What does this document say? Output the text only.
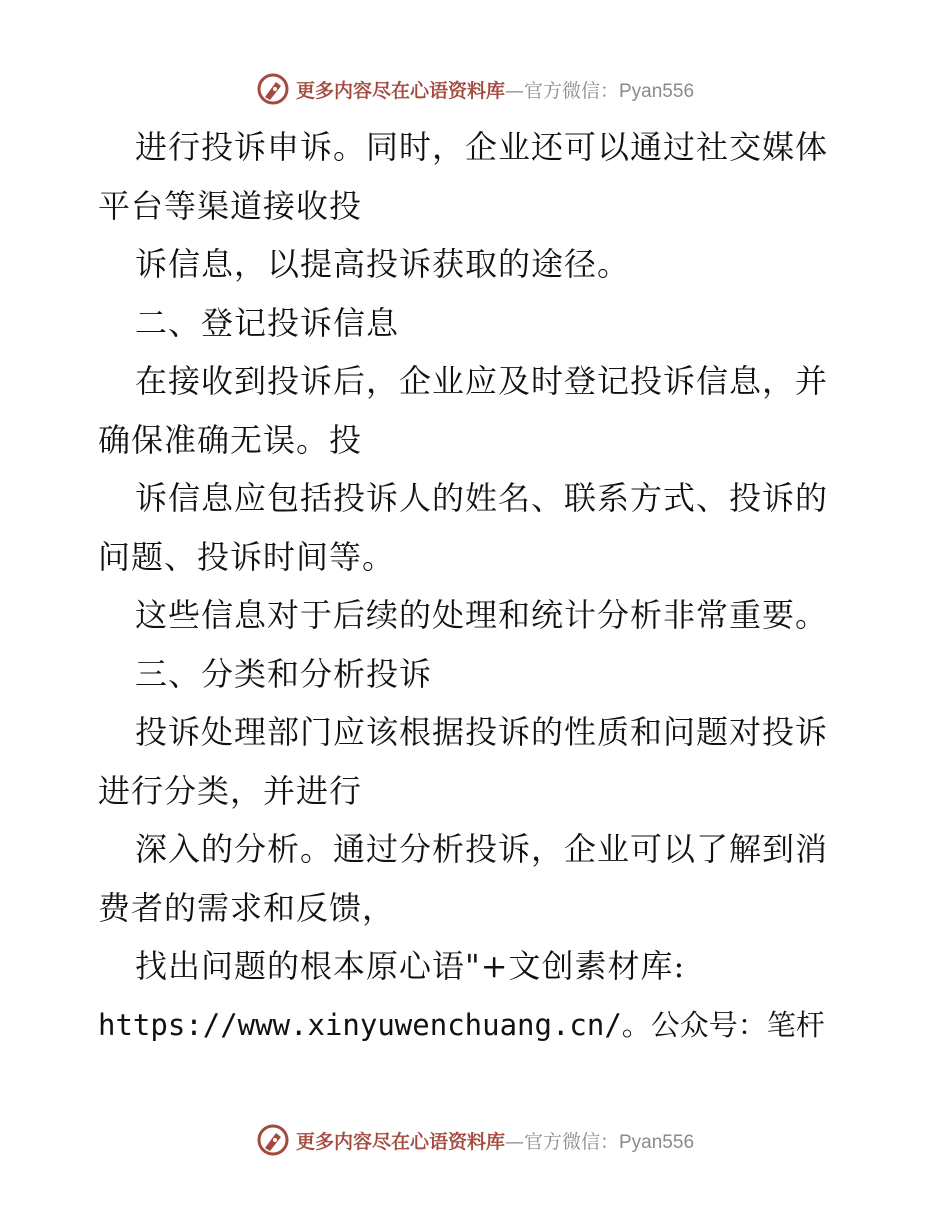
更多内容尽在心语资料库—官方微信：Pyan556
进行投诉申诉。同时，企业还可以通过社交媒体
平台等渠道接收投
诉信息，以提高投诉获取的途径。
二、登记投诉信息
在接收到投诉后，企业应及时登记投诉信息，并
确保准确无误。投
诉信息应包括投诉人的姓名、联系方式、投诉的
问题、投诉时间等。
这些信息对于后续的处理和统计分析非常重要。
三、分类和分析投诉
投诉处理部门应该根据投诉的性质和问题对投诉
进行分类，并进行
深入的分析。通过分析投诉，企业可以了解到消
费者的需求和反馈，
找出问题的根本原心语"+文创素材库:
https://www.xinyuwenchuang.cn/。公众号：笔杆
更多内容尽在心语资料库—官方微信：Pyan556
